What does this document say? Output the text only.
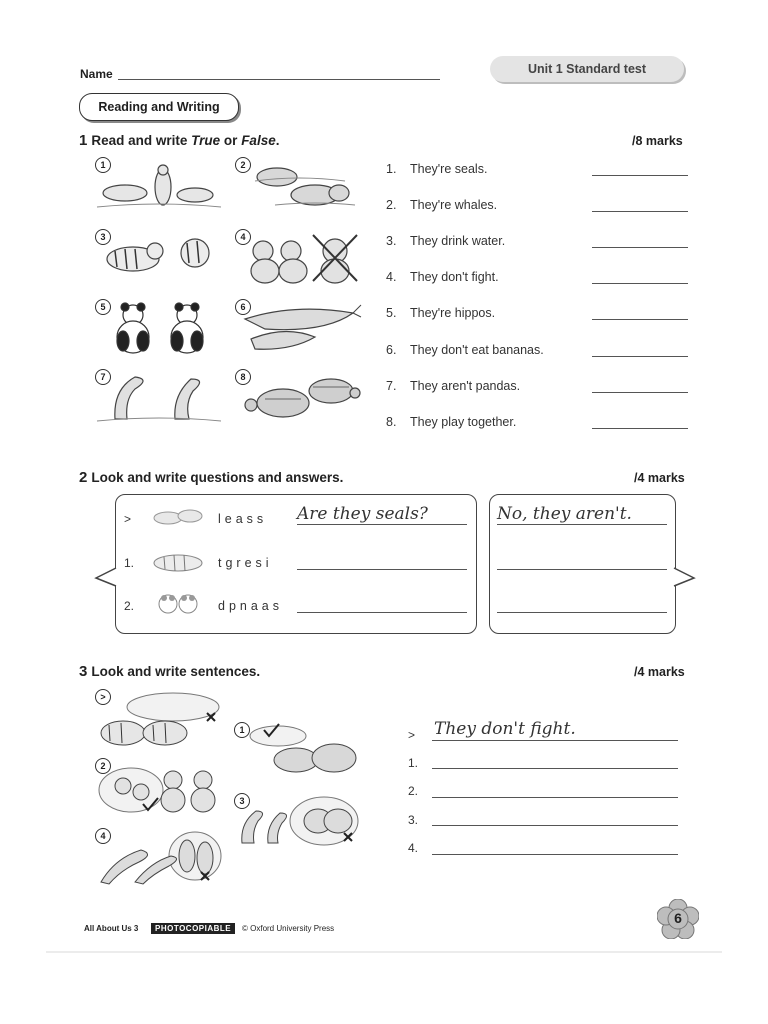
Name	Unit 1 Standard test
Reading and Writing
1 Read and write True or False.	/8 marks
1	2
3	4
5	6
7	8
1. They're seals.
2. They're whales.
3. They drink water.
4. They don't fight.
5. They're hippos.
6. They don't eat bananas.
7. They aren't pandas.
8. They play together.
2 Look and write questions and answers.	/4 marks
>	leass Are they seals?	No, they aren't.
1.	tgresi
2.	dpnaas
3 Look and write sentences.	/4 marks
>
1
2
3
4
> They don't fight.
1.
2.
3.
4.
All About Us 3	PHOTOCOPIABLE	© Oxford University Press
6
